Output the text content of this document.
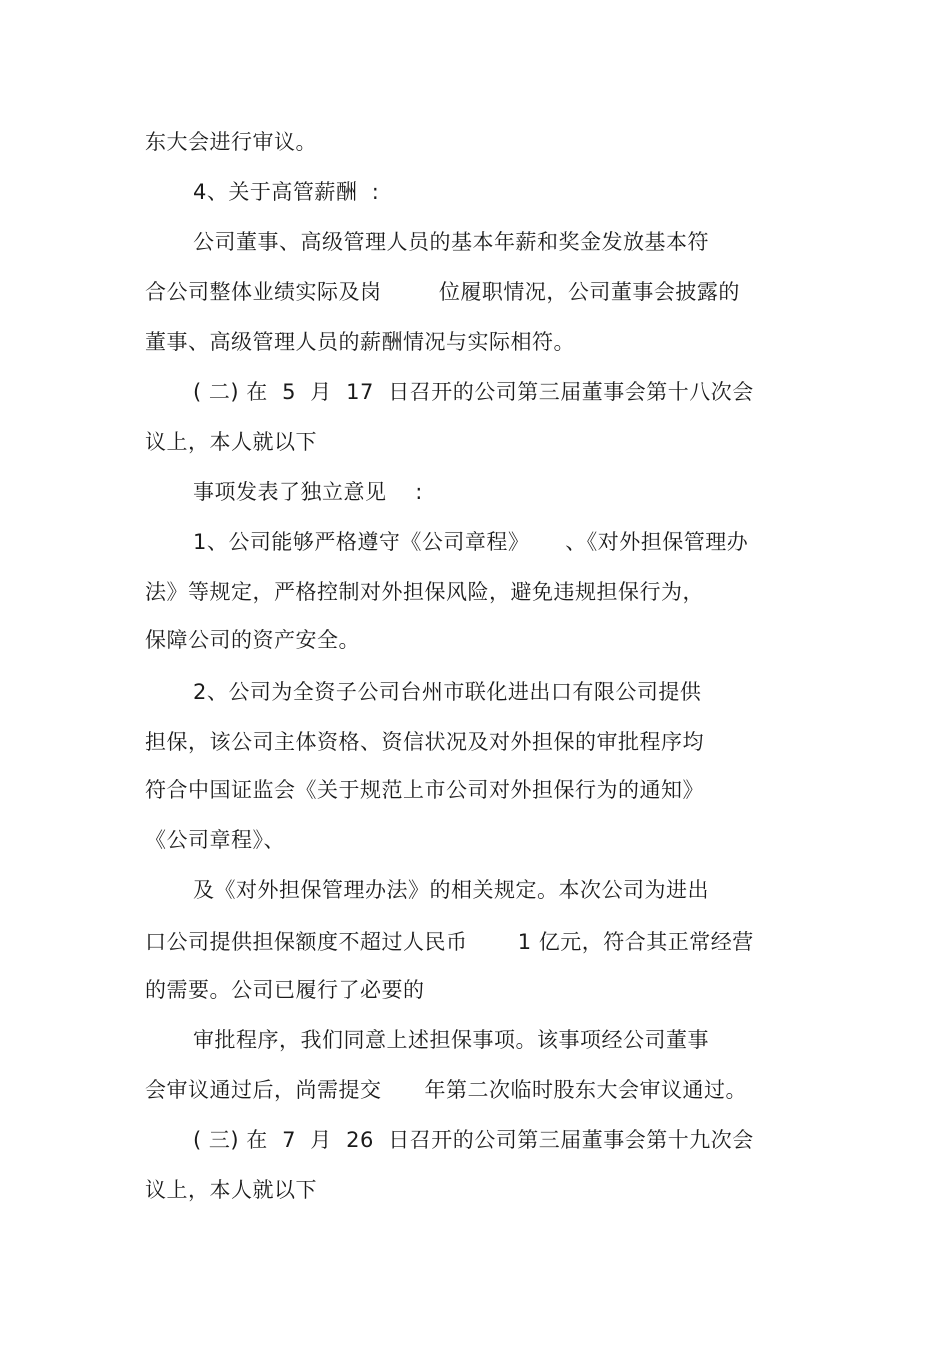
东大会进行审议。
4、关于高管薪酬  :
公司董事、高级管理人员的基本年薪和奖金发放基本符
合公司整体业绩实际及岗        位履职情况，公司董事会披露的
董事、高级管理人员的薪酬情况与实际相符。
( 二) 在  5  月  17  日召开的公司第三届董事会第十八次会
议上，本人就以下
事项发表了独立意见    :
1、公司能够严格遵守《公司章程》     、《对外担保管理办
法》等规定，严格控制对外担保风险，避免违规担保行为，
保障公司的资产安全。
2、公司为全资子公司台州市联化进出口有限公司提供
担保，该公司主体资格、资信状况及对外担保的审批程序均
符合中国证监会《关于规范上市公司对外担保行为的通知》
《公司章程》、
及《对外担保管理办法》的相关规定。本次公司为进出
口公司提供担保额度不超过人民币       1 亿元，符合其正常经营
的需要。公司已履行了必要的
审批程序，我们同意上述担保事项。该事项经公司董事
会审议通过后，尚需提交      年第二次临时股东大会审议通过。
( 三) 在  7  月  26  日召开的公司第三届董事会第十九次会
议上，本人就以下
